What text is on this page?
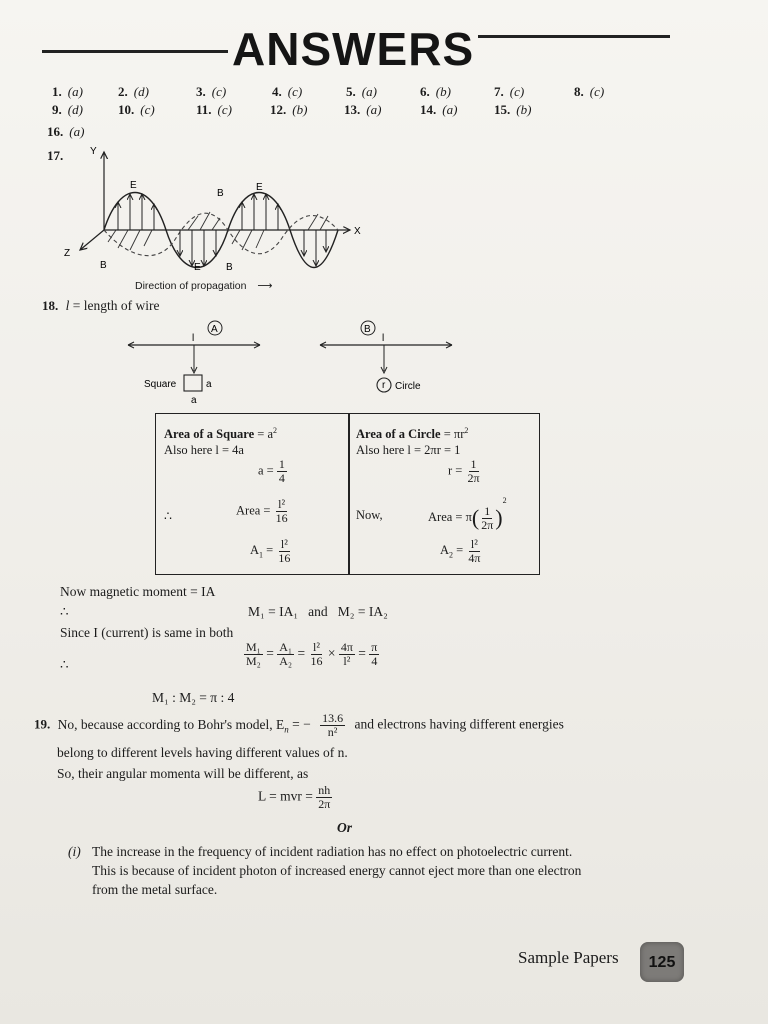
ANSWERS
1. (a)	2. (d)	3. (c)	4. (c)	5. (a)	6. (b)	7. (c)	8. (c)
9. (d)	10. (c)	11. (c)	12. (b)	13. (a)	14. (a)	15. (b)
16. (a)
17.	Y
Z
X
E
B
E
B	E	B
Direction of propagation ⟶
18. l = length of wire
A
l
Square	a
a
B
l
r Circle
Area of a Square = $a^2$
Also here l = 4a
$a = \frac{1}{4}$
∴	Area = $\frac{\text{l²}}{16}$
$A_1 = \frac{\text{l²}}{16}$
Area of a Circle = $\pi r^2$
Also here l = 2πr = 1
$r = \frac{1}{2\pi}$
Now,	Area = $\pi( \frac{1}{2\pi} )^2$
$A_2 = \frac{\text{l²}}{4\pi}$
Now magnetic moment = IA
∴	M₁ = IA₁   and   M₂ = IA₂
Since I (current) is same in both
∴	$\frac{\text{M₁}}{\text{M₂}} = \frac{\text{A₁}}{\text{A₂}} = \frac{\text{l²}}{16} \times \frac{4\pi}{\text{l²}} = \frac{\pi}{4}$
M₁ : M₂ = π : 4
19. No, because according to Bohr's model, $E_n$ = − $\frac{13.6}{\text{n²}}$ and electrons having different energies
belong to different levels having different values of n.
So, their angular momenta will be different, as
L = mvr = $\frac{nh}{2\pi}$
Or
(i) The increase in the frequency of incident radiation has no effect on photoelectric current.
This is because of incident photon of increased energy cannot eject more than one electron
from the metal surface.
Sample Papers	125
